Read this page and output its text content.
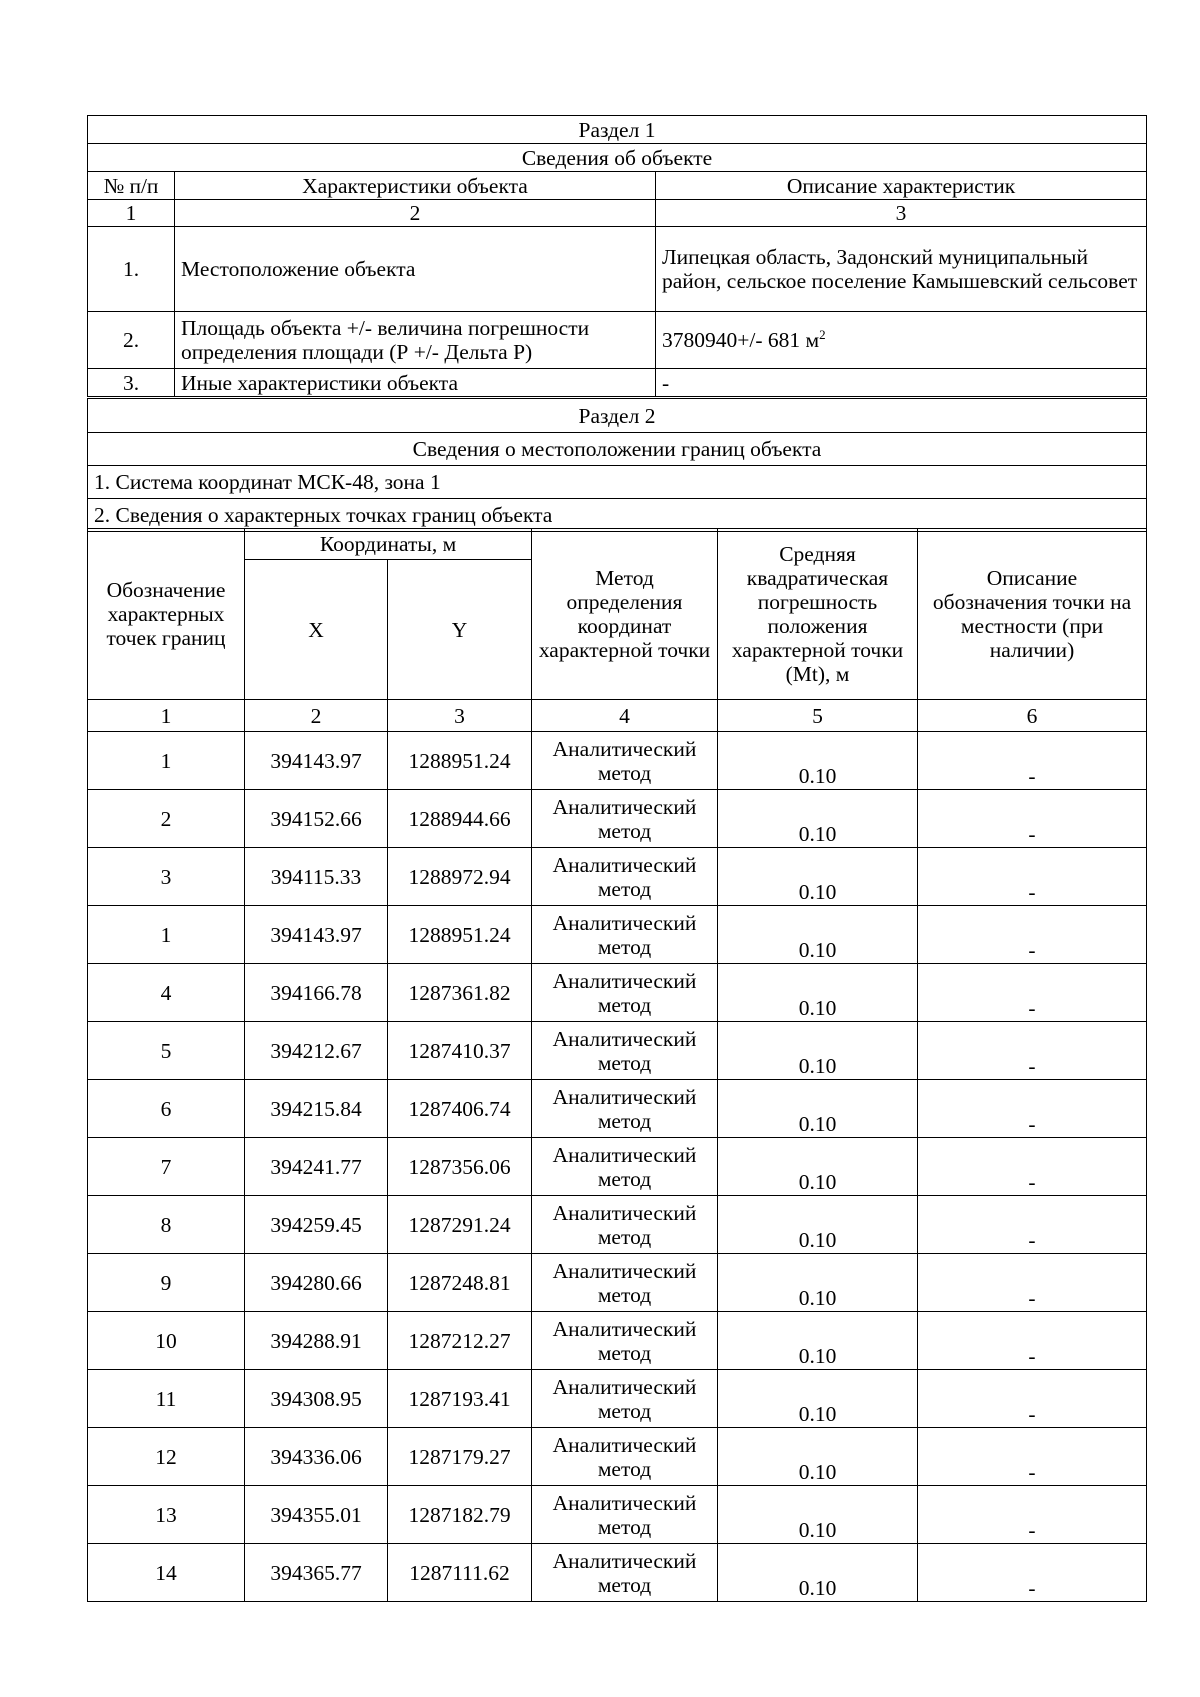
Раздел 1		
Сведения об объекте		
№ п/п	Характеристики объекта	Описание характеристик
1	2	3
1.	Местоположение объекта	Липецкая область, Задонский муниципальный район, сельское поселение Камышевский сельсовет
2.	Площадь объекта +/- величина погрешности определения площади (Р +/- Дельта Р)	3780940+/- 681 $м^2$
3.	Иные характеристики объекта	-
Раздел 2
Сведения о местоположении границ объекта
1. Система координат МСК-48, зона 1
2. Сведения о характерных точках границ объекта
Обозначение характерных точек границ	Координаты, м		Метод определения координат характерной точки	Средняя квадратическая погрешность положения характерной точки (Mt), м	Описание обозначения точки на местности (при наличии)
	X	Y			
1	2	3	4	5	6
1	394143.97	1288951.24	Аналитический метод	0.10	-
2	394152.66	1288944.66	Аналитический метод	0.10	-
3	394115.33	1288972.94	Аналитический метод	0.10	-
1	394143.97	1288951.24	Аналитический метод	0.10	-
4	394166.78	1287361.82	Аналитический метод	0.10	-
5	394212.67	1287410.37	Аналитический метод	0.10	-
6	394215.84	1287406.74	Аналитический метод	0.10	-
7	394241.77	1287356.06	Аналитический метод	0.10	-
8	394259.45	1287291.24	Аналитический метод	0.10	-
9	394280.66	1287248.81	Аналитический метод	0.10	-
10	394288.91	1287212.27	Аналитический метод	0.10	-
11	394308.95	1287193.41	Аналитический метод	0.10	-
12	394336.06	1287179.27	Аналитический метод	0.10	-
13	394355.01	1287182.79	Аналитический метод	0.10	-
14	394365.77	1287111.62	Аналитический метод	0.10	-
